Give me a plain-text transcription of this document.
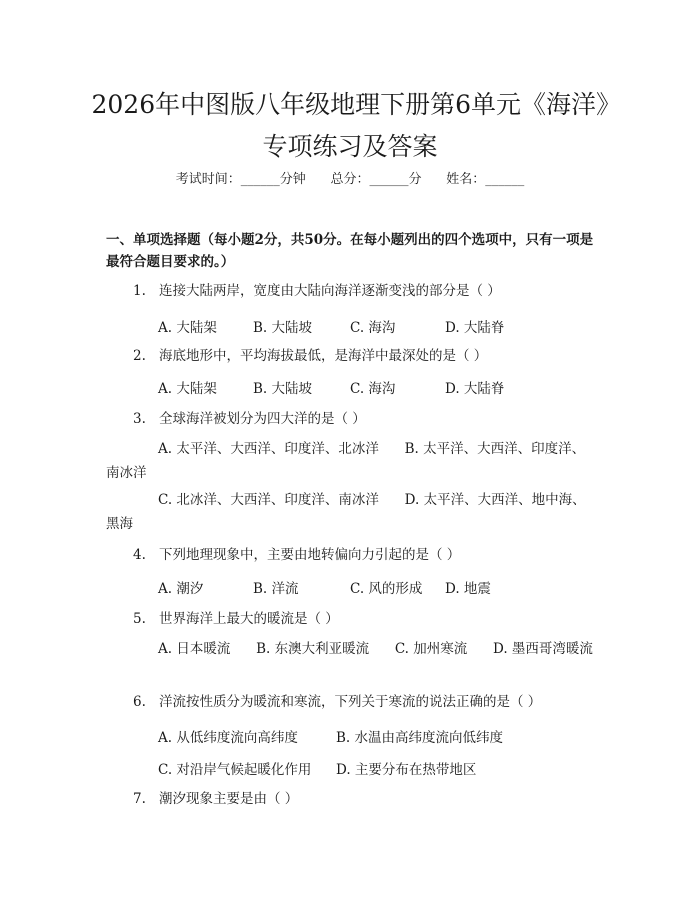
2026年中图版八年级地理下册第6单元《海洋》专项练习及答案
考试时间：______分钟      总分：______分      姓名：______
一、单项选择题（每小题2分，共50分。在每小题列出的四个选项中，只有一项是最符合题目要求的。）
1. 连接大陆两岸，宽度由大陆向海洋逐渐变浅的部分是（ ）
A. 大陆架	B. 大陆坡	C. 海沟	D. 大陆脊
2. 海底地形中，平均海拔最低，是海洋中最深处的是（ ）
A. 大陆架	B. 大陆坡	C. 海沟	D. 大陆脊
3. 全球海洋被划分为四大洋的是（ ）
A. 太平洋、大西洋、印度洋、北冰洋      B. 太平洋、大西洋、印度洋、南冰洋
C. 北冰洋、大西洋、印度洋、南冰洋      D. 太平洋、大西洋、地中海、黑海
4. 下列地理现象中，主要由地转偏向力引起的是（ ）
A. 潮汐	B. 洋流	C. 风的形成 D. 地震
5. 世界海洋上最大的暖流是（ ）
A. 日本暖流      B. 东澳大利亚暖流      C. 加州寒流      D. 墨西哥湾暖流
6. 洋流按性质分为暖流和寒流，下列关于寒流的说法正确的是（ ）
A. 从低纬度流向高纬度	B. 水温由高纬度流向低纬度
C. 对沿岸气候起暖化作用 D. 主要分布在热带地区
7. 潮汐现象主要是由（ ）
